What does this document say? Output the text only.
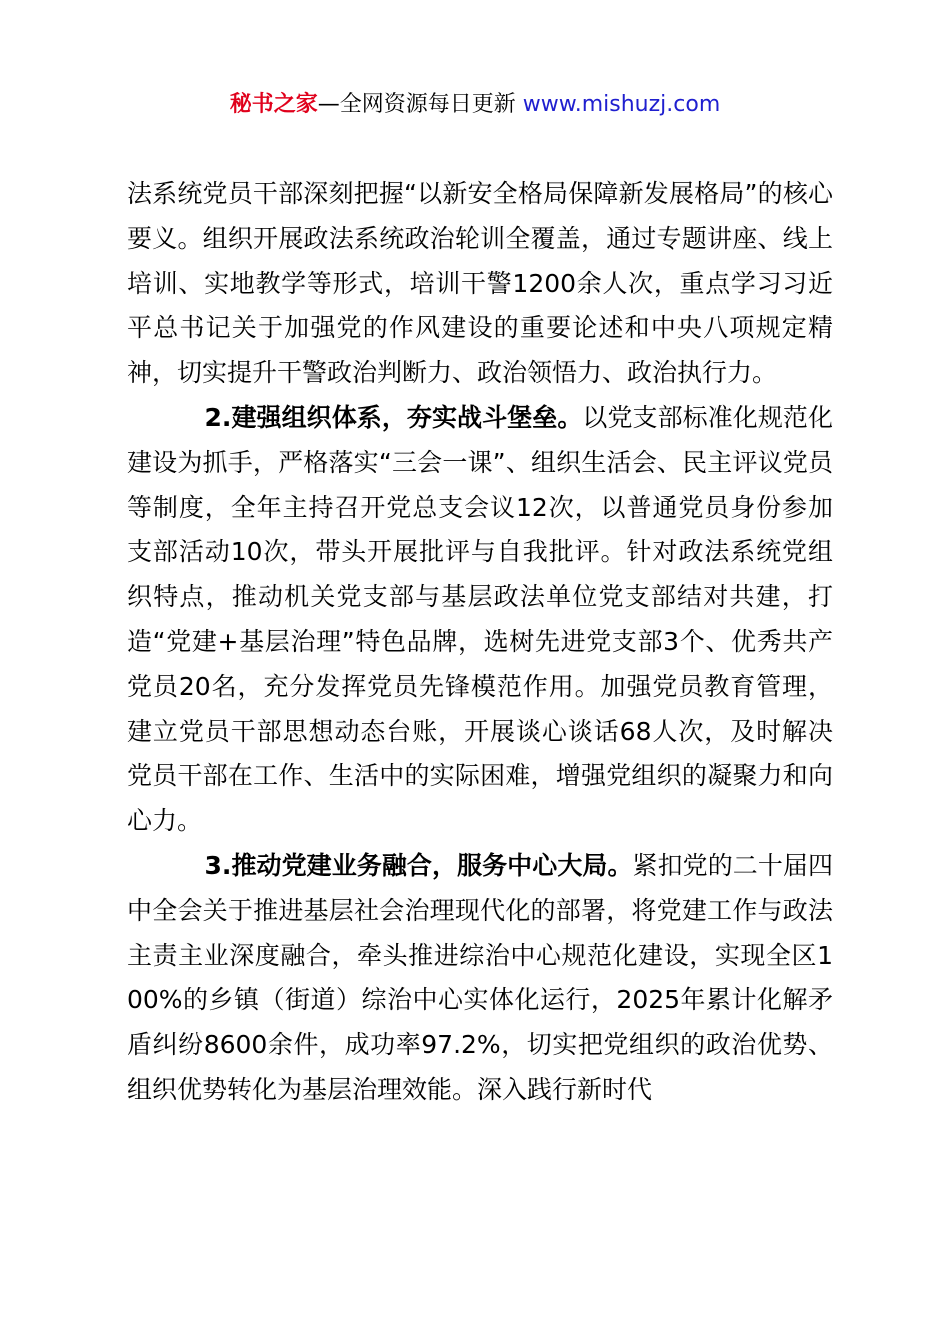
秘书之家—全网资源每日更新 www.mishuzj.com

法系统党员干部深刻把握“以新安全格局保障新发展格局”的核心要义。组织开展政法系统政治轮训全覆盖，通过专题讲座、线上培训、实地教学等形式，培训干警1200余人次，重点学习习近平总书记关于加强党的作风建设的重要论述和中央八项规定精神，切实提升干警政治判断力、政治领悟力、政治执行力。

2.建强组织体系，夯实战斗堡垒。以党支部标准化规范化建设为抓手，严格落实“三会一课”、组织生活会、民主评议党员等制度，全年主持召开党总支会议12次，以普通党员身份参加支部活动10次，带头开展批评与自我批评。针对政法系统党组织特点，推动机关党支部与基层政法单位党支部结对共建，打造“党建+基层治理”特色品牌，选树先进党支部3个、优秀共产党员20名，充分发挥党员先锋模范作用。加强党员教育管理，建立党员干部思想动态台账，开展谈心谈话68人次，及时解决党员干部在工作、生活中的实际困难，增强党组织的凝聚力和向心力。

3.推动党建业务融合，服务中心大局。紧扣党的二十届四中全会关于推进基层社会治理现代化的部署，将党建工作与政法主责主业深度融合，牵头推进综治中心规范化建设，实现全区100%的乡镇（街道）综治中心实体化运行，2025年累计化解矛盾纠纷8600余件，成功率97.2%，切实把党组织的政治优势、组织优势转化为基层治理效能。深入践行新时代
